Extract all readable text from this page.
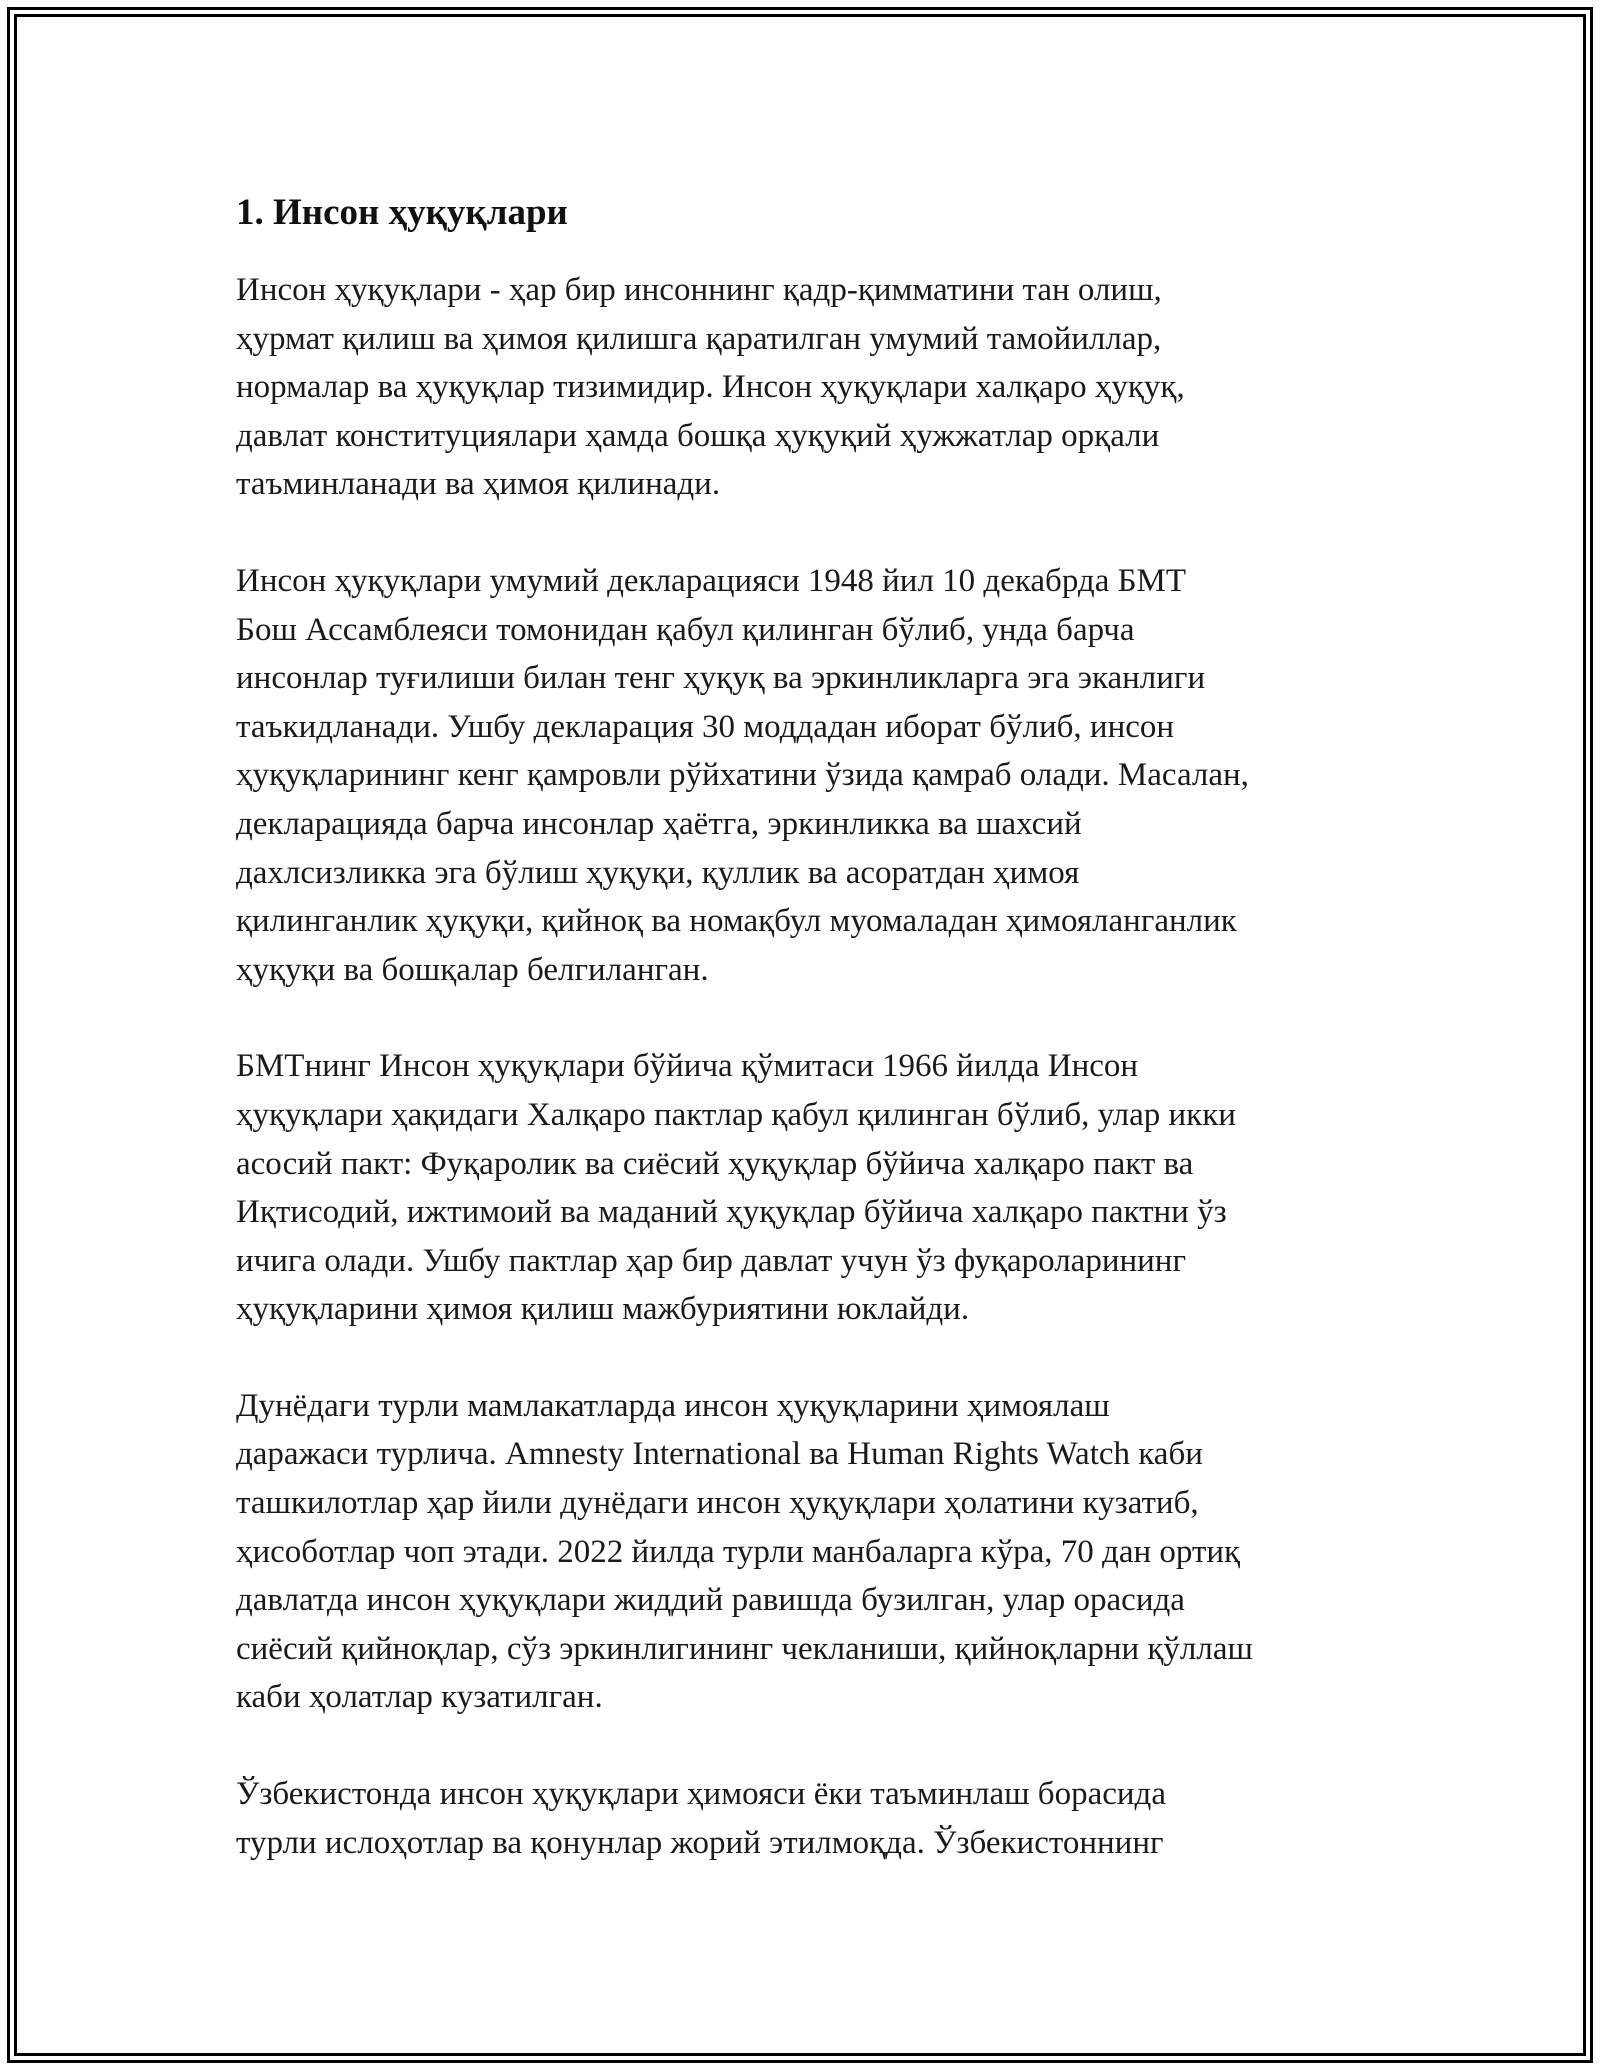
1. Инсон ҳуқуқлари

Инсон ҳуқуқлари - ҳар бир инсоннинг қадр-қимматини тан олиш,
ҳурмат қилиш ва ҳимоя қилишга қаратилган умумий тамойиллар,
нормалар ва ҳуқуқлар тизимидир. Инсон ҳуқуқлари халқаро ҳуқуқ,
давлат конституциялари ҳамда бошқа ҳуқуқий ҳужжатлар орқали
таъминланади ва ҳимоя қилинади.

Инсон ҳуқуқлари умумий декларацияси 1948 йил 10 декабрда БМТ
Бош Ассамблеяси томонидан қабул қилинган бўлиб, унда барча
инсонлар туғилиши билан тенг ҳуқуқ ва эркинликларга эга эканлиги
таъкидланади. Ушбу декларация 30 моддадан иборат бўлиб, инсон
ҳуқуқларининг кенг қамровли рўйхатини ўзида қамраб олади. Масалан,
декларацияда барча инсонлар ҳаётга, эркинликка ва шахсий
дахлсизликка эга бўлиш ҳуқуқи, қуллик ва асоратдан ҳимоя
қилинганлик ҳуқуқи, қийноқ ва номақбул муомаладан ҳимояланганлик
ҳуқуқи ва бошқалар белгиланган.

БМТнинг Инсон ҳуқуқлари бўйича қўмитаси 1966 йилда Инсон
ҳуқуқлари ҳақидаги Халқаро пактлар қабул қилинган бўлиб, улар икки
асосий пакт: Фуқаролик ва сиёсий ҳуқуқлар бўйича халқаро пакт ва
Иқтисодий, ижтимоий ва маданий ҳуқуқлар бўйича халқаро пактни ўз
ичига олади. Ушбу пактлар ҳар бир давлат учун ўз фуқароларининг
ҳуқуқларини ҳимоя қилиш мажбуриятини юклайди.

Дунёдаги турли мамлакатларда инсон ҳуқуқларини ҳимоялаш
даражаси турлича. Amnesty International ва Human Rights Watch каби
ташкилотлар ҳар йили дунёдаги инсон ҳуқуқлари ҳолатини кузатиб,
ҳисоботлар чоп этади. 2022 йилда турли манбаларга кўра, 70 дан ортиқ
давлатда инсон ҳуқуқлари жиддий равишда бузилган, улар орасида
сиёсий қийноқлар, сўз эркинлигининг чекланиши, қийноқларни қўллаш
каби ҳолатлар кузатилган.

Ўзбекистонда инсон ҳуқуқлари ҳимояси ёки таъминлаш борасида
турли ислоҳотлар ва қонунлар жорий этилмоқда. Ўзбекистоннинг
